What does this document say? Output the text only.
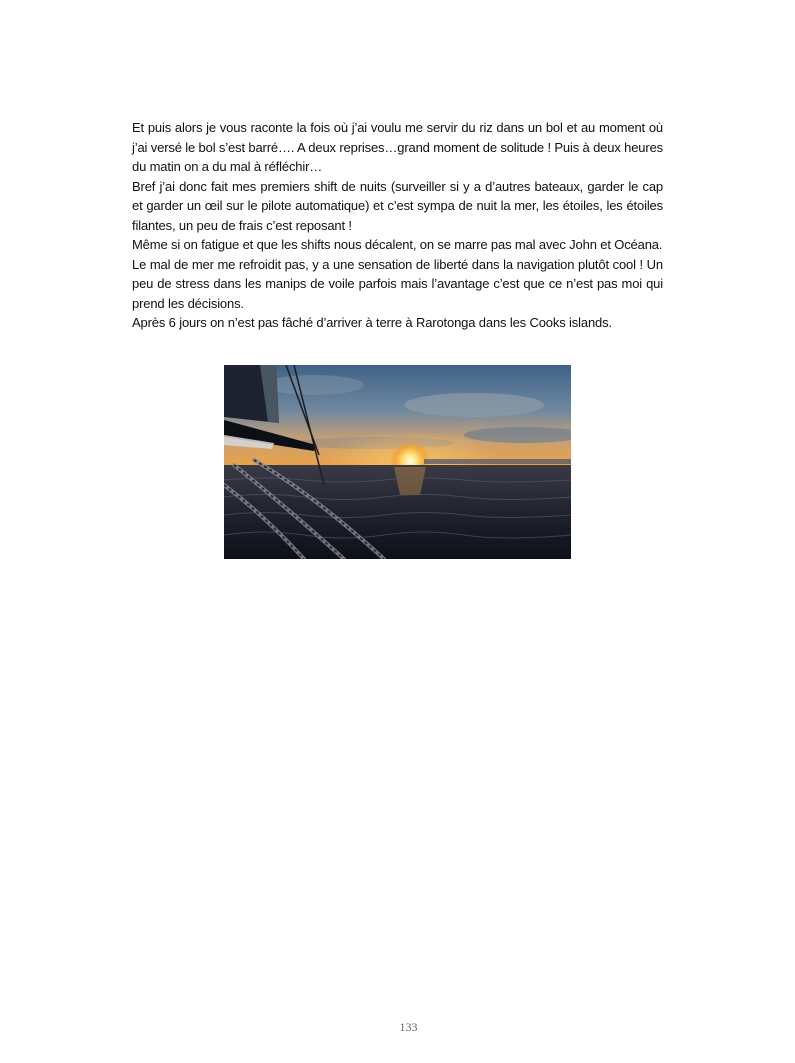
Et puis alors je vous raconte la fois où j’ai voulu me servir du riz dans un bol et au moment où j’ai versé le bol s’est barré…. A deux reprises…grand moment de solitude ! Puis à deux heures du matin on a du mal à réfléchir…

Bref j’ai donc fait mes premiers shift de nuits (surveiller si y a d’autres bateaux, garder le cap et garder un œil sur le pilote automatique) et c’est sympa de nuit la mer, les étoiles, les étoiles filantes, un peu de frais c’est reposant !

Même si on fatigue et que les shifts nous décalent, on se marre pas mal avec John et Océana.

Le mal de mer me refroidit pas, y a une sensation de liberté dans la navigation plutôt cool ! Un peu de stress dans les manips de voile parfois mais l’avantage c’est que ce n’est pas moi qui prend les décisions.

Après 6 jours on n’est pas fâché d’arriver à terre à Rarotonga dans les Cooks islands.

133
